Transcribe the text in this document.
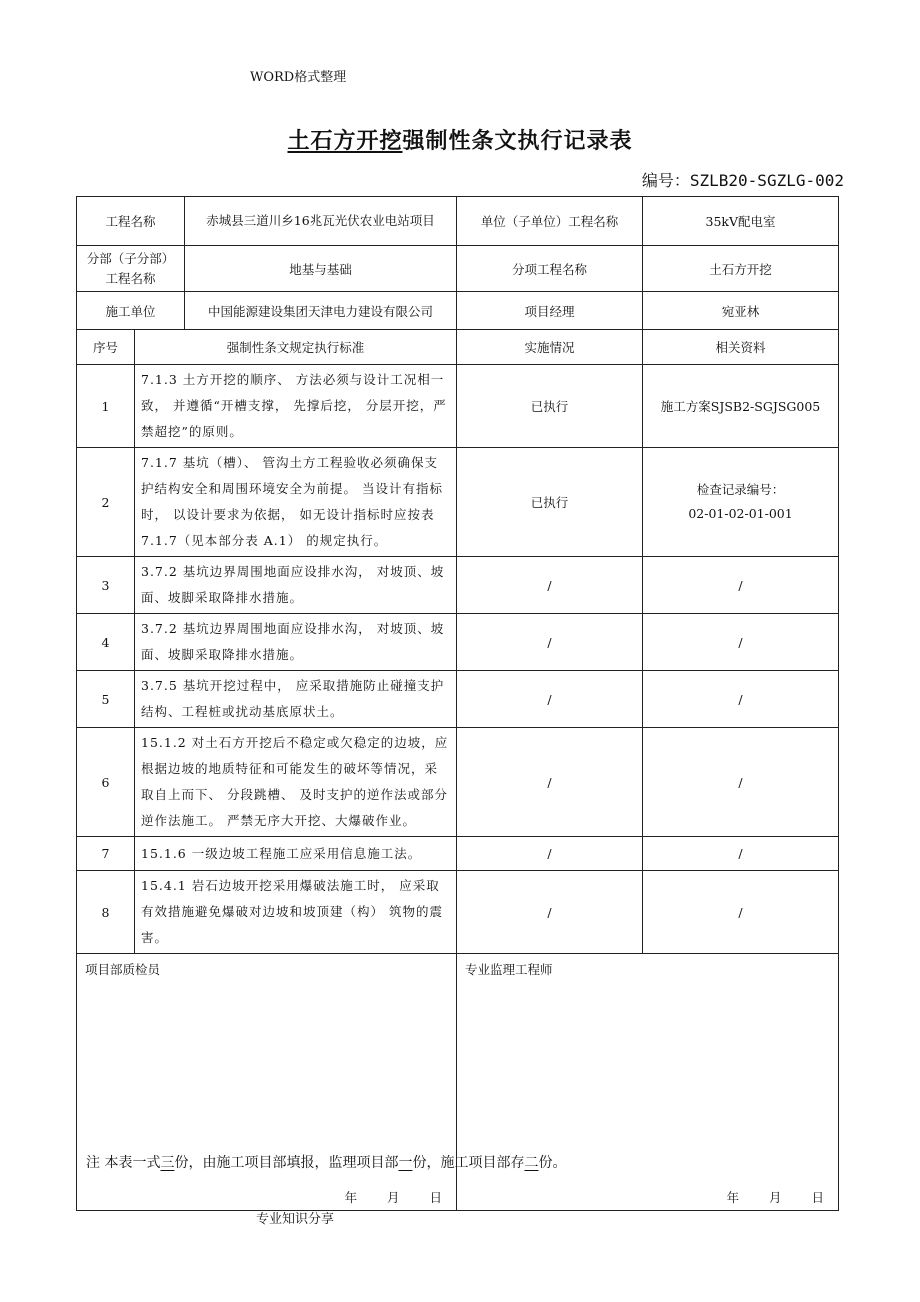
WORD格式整理
土石方开挖强制性条文执行记录表
编号：SZLB20-SGZLG-002
工程名称		赤城县三道川乡16兆瓦光伏农业电站项目	单位（子单位）工程名称	35kV配电室
分部（子分部）工程名称		地基与基础	分项工程名称	土石方开挖
施工单位		中国能源建设集团天津电力建设有限公司	项目经理	宛亚林
序号	强制性条文规定执行标准		实施情况	相关资料
1	7.1.3 土方开挖的顺序、 方法必须与设计工况相一致， 并遵循“开槽支撑， 先撑后挖， 分层开挖，严禁超挖”的原则。		已执行	施工方案SJSB2-SGJSG005
2	7.1.7 基坑（槽）、 管沟土方工程验收必须确保支护结构安全和周围环境安全为前提。 当设计有指标时， 以设计要求为依据， 如无设计指标时应按表 7.1.7（见本部分表 A.1） 的规定执行。		已执行	检查记录编号：
02-01-02-01-001

3	3.7.2 基坑边界周围地面应设排水沟， 对坡顶、坡面、坡脚采取降排水措施。		/	/
4	3.7.2 基坑边界周围地面应设排水沟， 对坡顶、坡面、坡脚采取降排水措施。		/	/
5	3.7.5 基坑开挖过程中， 应采取措施防止碰撞支护结构、工程桩或扰动基底原状土。		/	/
6	15.1.2 对土石方开挖后不稳定或欠稳定的边坡，应根据边坡的地质特征和可能发生的破坏等情况，采取自上而下、 分段跳槽、 及时支护的逆作法或部分逆作法施工。 严禁无序大开挖、大爆破作业。		/	/
7	15.1.6 一级边坡工程施工应采用信息施工法。		/	/
8	15.4.1 岩石边坡开挖采用爆破法施工时， 应采取有效措施避免爆破对边坡和坡顶建（构） 筑物的震害。		/	/

项目部质检员
年 月 日			专业监理工程师
年 月 日	
注 本表一式三份，由施工项目部填报，监理项目部一份，施工项目部存二份。
专业知识分享
